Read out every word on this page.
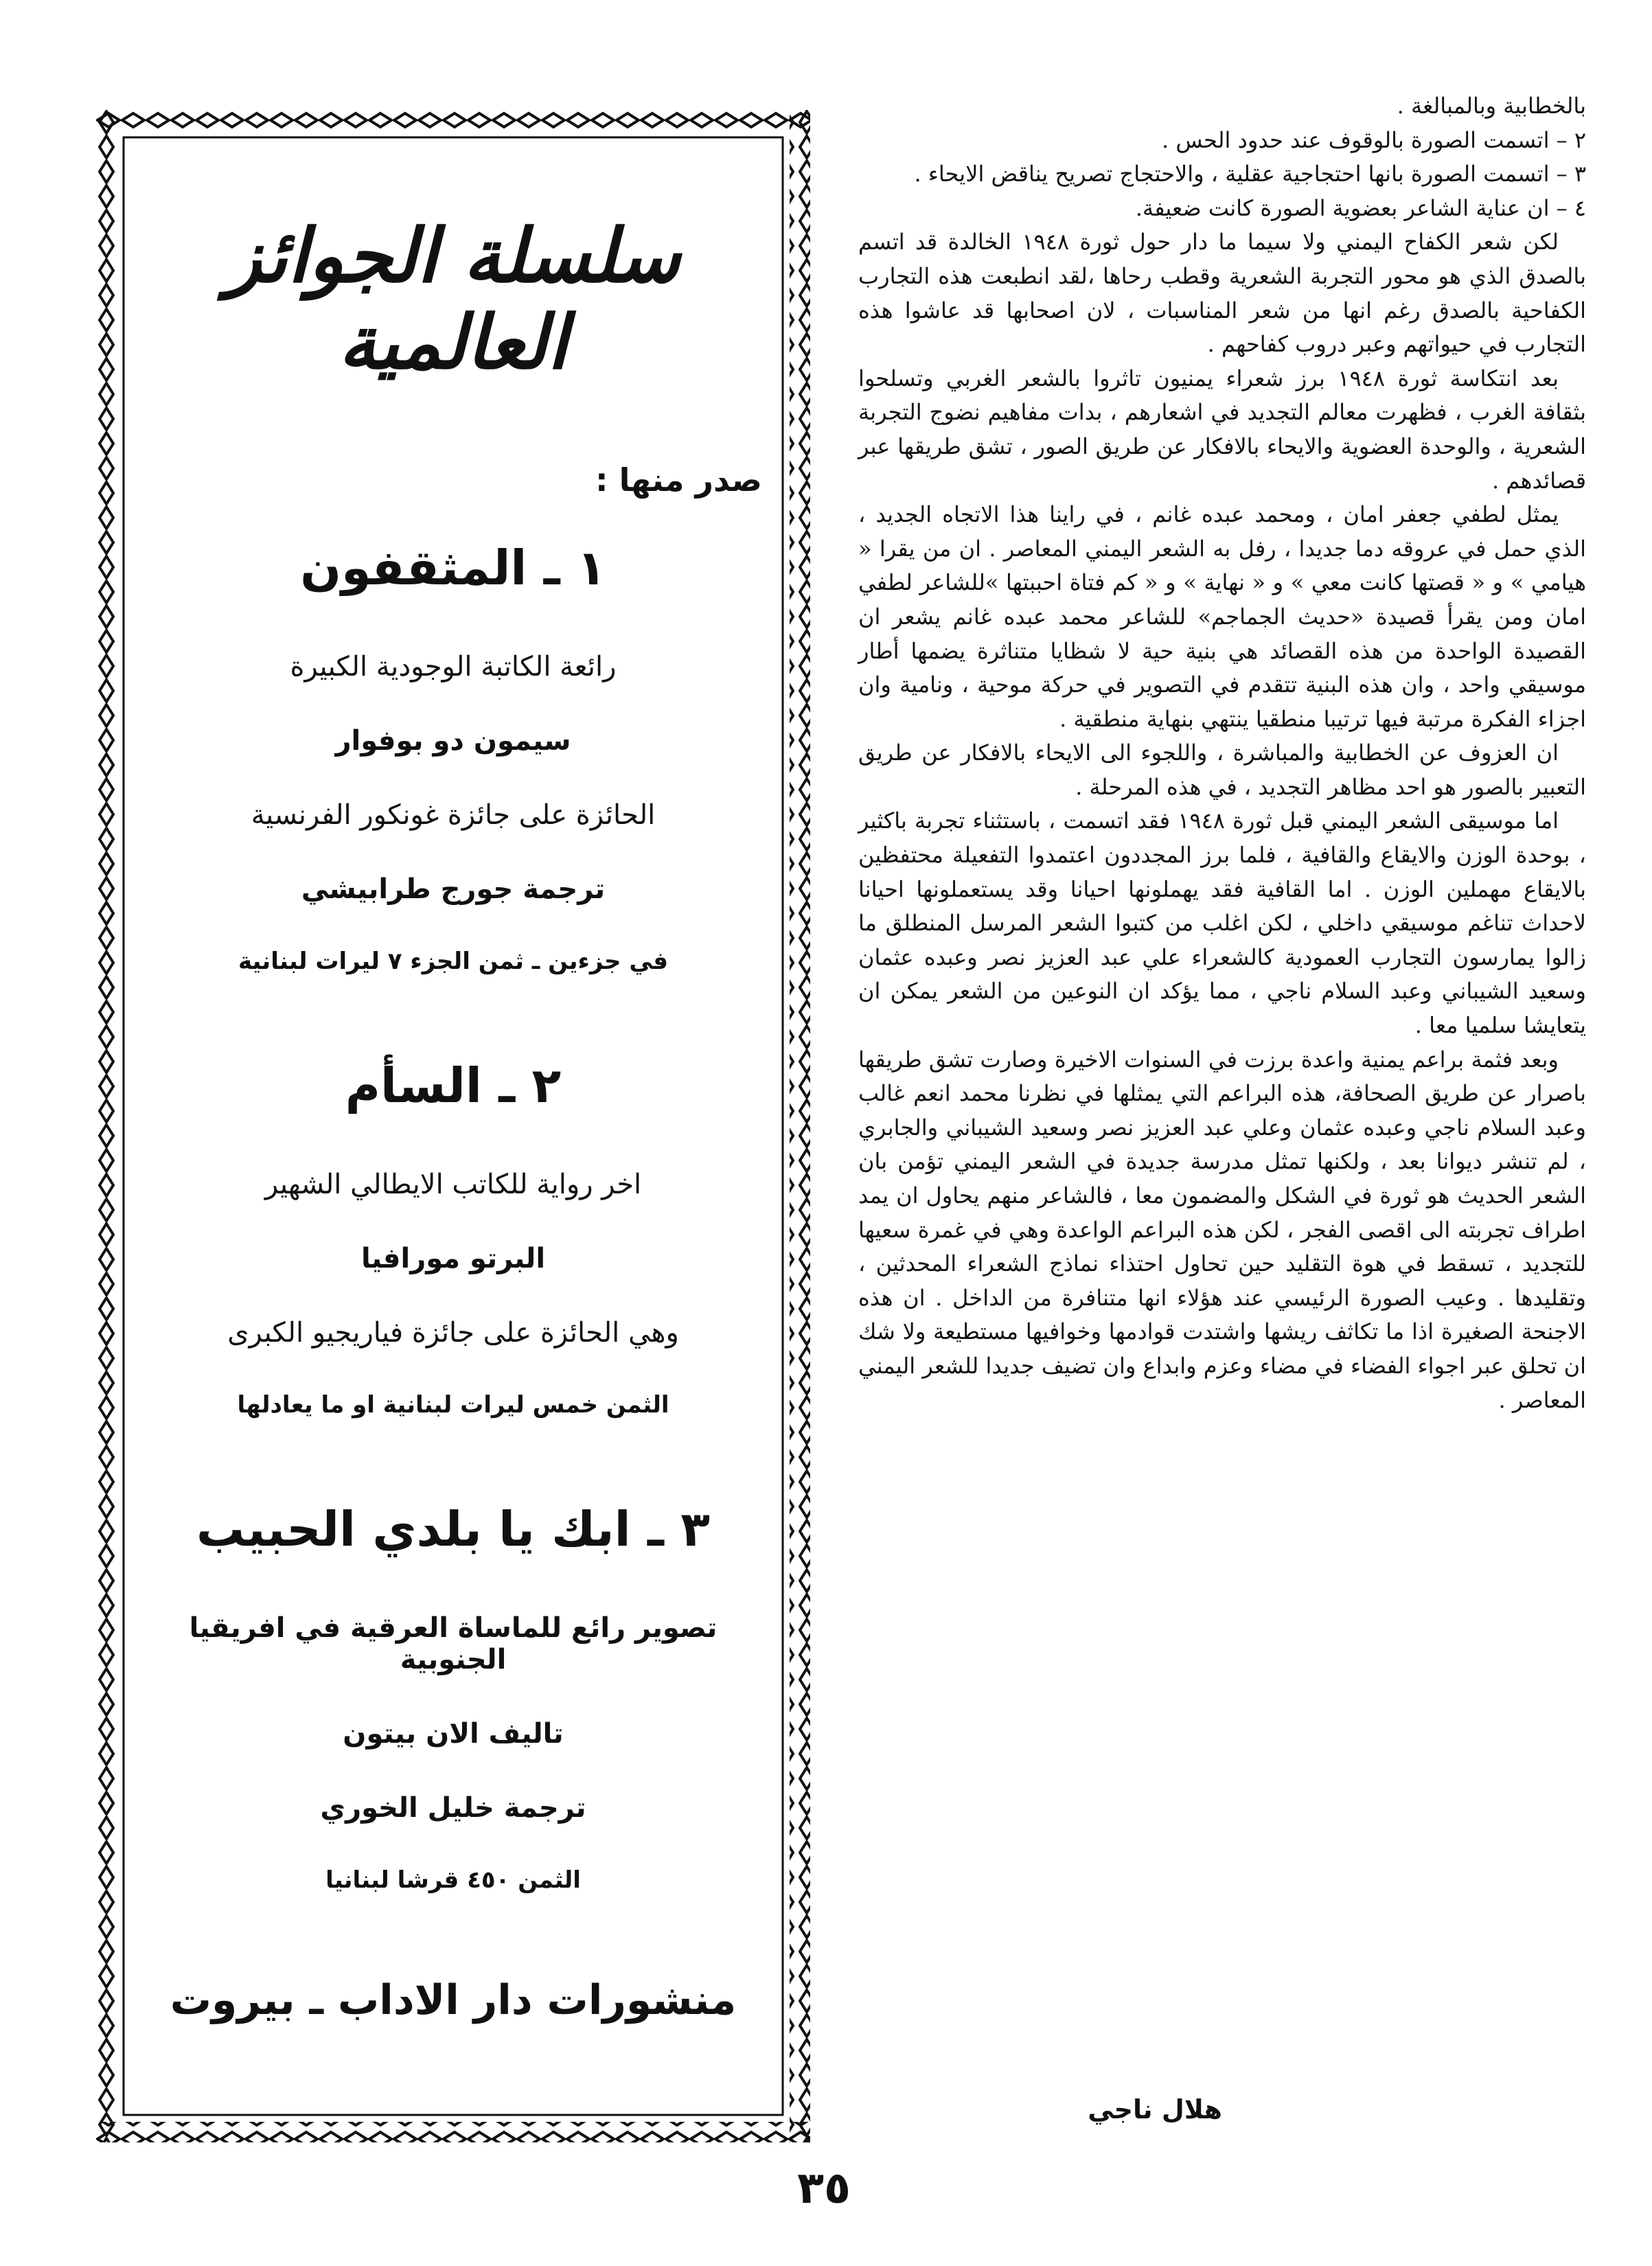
بالخطابية وبالمبالغة .

٢ – اتسمت الصورة بالوقوف عند حدود الحس .

٣ – اتسمت الصورة بانها احتجاجية عقلية ، والاحتجاج تصريح يناقض الايحاء .

٤ – ان عناية الشاعر بعضوية الصورة كانت ضعيفة.

لكن شعر الكفاح اليمني ولا سيما ما دار حول ثورة ١٩٤٨ الخالدة قد اتسم بالصدق الذي هو محور التجربة الشعرية وقطب رحاها ،لقد انطبعت هذه التجارب الكفاحية بالصدق رغم انها من شعر المناسبات ، لان اصحابها قد عاشوا هذه التجارب في حيواتهم وعبر دروب كفاحهم .

بعد انتكاسة ثورة ١٩٤٨ برز شعراء يمنيون تاثروا بالشعر الغربي وتسلحوا بثقافة الغرب ، فظهرت معالم التجديد في اشعارهم ، بدات مفاهيم نضوج التجربة الشعرية ، والوحدة العضوية والايحاء بالافكار عن طريق الصور ، تشق طريقها عبر قصائدهم .

يمثل لطفي جعفر امان ، ومحمد عبده غانم ، في راينا هذا الاتجاه الجديد ، الذي حمل في عروقه دما جديدا ، رفل به الشعر اليمني المعاصر . ان من يقرا « هيامي » و « قصتها كانت معي » و « نهاية » و « كم فتاة احببتها »للشاعر لطفي امان ومن يقرأ قصيدة «حديث الجماجم» للشاعر محمد عبده غانم يشعر ان القصيدة الواحدة من هذه القصائد هي بنية حية لا شظايا متناثرة يضمها أطار موسيقي واحد ، وان هذه البنية تتقدم في التصوير في حركة موحية ، ونامية وان اجزاء الفكرة مرتبة فيها ترتيبا منطقيا ينتهي بنهاية منطقية .

ان العزوف عن الخطابية والمباشرة ، واللجوء الى الايحاء بالافكار عن طريق التعبير بالصور هو احد مظاهر التجديد ، في هذه المرحلة .

اما موسيقى الشعر اليمني قبل ثورة ١٩٤٨ فقد اتسمت ، باستثناء تجربة باكثير ، بوحدة الوزن والايقاع والقافية ، فلما برز المجددون اعتمدوا التفعيلة محتفظين بالايقاع مهملين الوزن . اما القافية فقد يهملونها احيانا وقد يستعملونها احيانا لاحداث تناغم موسيقي داخلي ، لكن اغلب من كتبوا الشعر المرسل المنطلق ما زالوا يمارسون التجارب العمودية كالشعراء علي عبد العزيز نصر وعبده عثمان وسعيد الشيباني وعبد السلام ناجي ، مما يؤكد ان النوعين من الشعر يمكن ان يتعايشا سلميا معا .

وبعد فثمة براعم يمنية واعدة برزت في السنوات الاخيرة وصارت تشق طريقها باصرار عن طريق الصحافة، هذه البراعم التي يمثلها في نظرنا محمد انعم غالب وعبد السلام ناجي وعبده عثمان وعلي عبد العزيز نصر وسعيد الشيباني والجابري ، لم تنشر ديوانا بعد ، ولكنها تمثل مدرسة جديدة في الشعر اليمني تؤمن بان الشعر الحديث هو ثورة في الشكل والمضمون معا ، فالشاعر منهم يحاول ان يمد اطراف تجربته الى اقصى الفجر ، لكن هذه البراعم الواعدة وهي في غمرة سعيها للتجديد ، تسقط في هوة التقليد حين تحاول احتذاء نماذج الشعراء المحدثين ، وتقليدها . وعيب الصورة الرئيسي عند هؤلاء انها متنافرة من الداخل . ان هذه الاجنحة الصغيرة اذا ما تكاثف ريشها واشتدت قوادمها وخوافيها مستطيعة ولا شك ان تحلق عبر اجواء الفضاء في مضاء وعزم وابداع وان تضيف جديدا للشعر اليمني المعاصر .

هلال ناجي
٣٥
سلسلة الجوائز العالمية
صدر منها :
١ ـ المثقفون
رائعة الكاتبة الوجودية الكبيرة
سيمون دو بوفوار
الحائزة على جائزة غونكور الفرنسية
ترجمة جورج طرابيشي
في جزءين ـ ثمن الجزء ٧ ليرات لبنانية
٢ ـ السأم
اخر رواية للكاتب الايطالي الشهير
البرتو مورافيا
وهي الحائزة على جائزة فياريجيو الكبرى
الثمن خمس ليرات لبنانية او ما يعادلها
٣ ـ ابك يا بلدي الحبيب
تصوير رائع للماساة العرقية في افريقيا الجنوبية
تاليف الان بيتون
ترجمة خليل الخوري
الثمن ٤٥٠ قرشا لبنانيا
منشورات دار الاداب ـ بيروت
